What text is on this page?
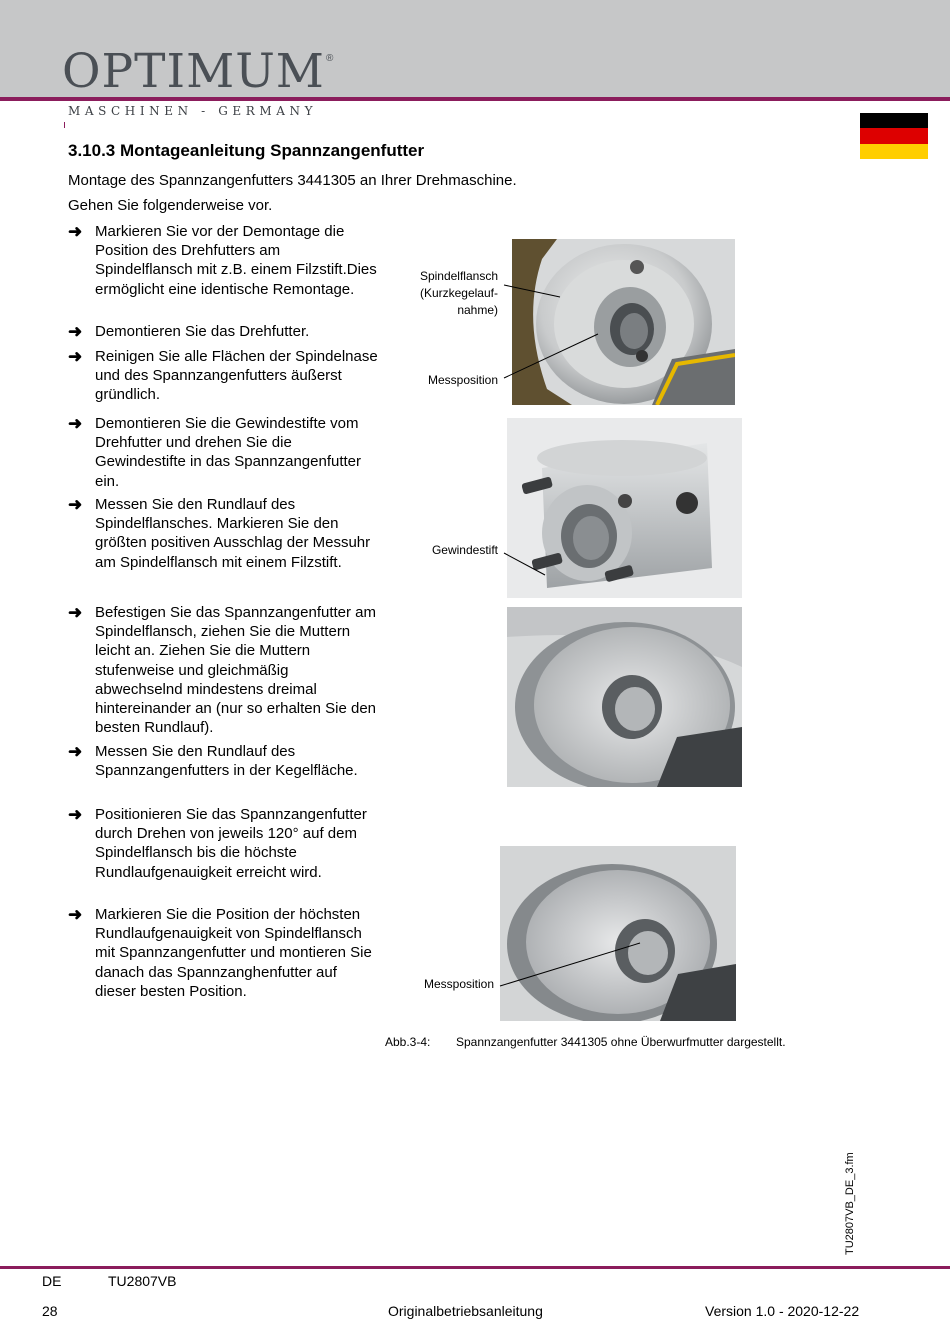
OPTIMUM®
MASCHINEN - GERMANY
3.10.3 Montageanleitung Spannzangenfutter
Montage des Spannzangenfutters 3441305 an Ihrer Drehmaschine.
Gehen Sie folgenderweise vor.
➜ Markieren Sie vor der Demontage die Position des Drehfutters am Spindelflansch mit z.B. einem Filzstift.Dies ermöglicht eine identische Remontage.
➜ Demontieren Sie das Drehfutter.
➜ Reinigen Sie alle Flächen der Spindelnase und des Spannzangenfutters äußerst gründlich.
➜ Demontieren Sie die Gewindestifte vom Drehfutter und drehen Sie die Gewindestifte in das Spannzangenfutter ein.
➜ Messen Sie den Rundlauf des Spindelflansches. Markieren Sie den größten positiven Ausschlag der Messuhr am Spindelflansch mit einem Filzstift.
➜ Befestigen Sie das Spannzangenfutter am Spindelflansch, ziehen Sie die Muttern leicht an. Ziehen Sie die Muttern stufenweise und gleichmäßig abwechselnd mindestens dreimal hintereinander an (nur so erhalten Sie den besten Rundlauf).
➜ Messen Sie den Rundlauf des Spannzangenfutters in der Kegelfläche.
➜ Positionieren Sie das Spannzangenfutter durch Drehen von jeweils 120° auf dem Spindelflansch bis die höchste Rundlaufgenauigkeit erreicht wird.
➜ Markieren Sie die Position der höchsten Rundlaufgenauigkeit von Spindelflansch mit Spannzangenfutter und montieren Sie danach das Spannzanghenfutter auf dieser besten Position.
Spindelflansch
(Kurzkegelauf-
nahme)
Messposition
Gewindestift
Messposition
Abb.3-4: Spannzangenfutter 3441305 ohne Überwurfmutter dargestellt.
TU2807VB_DE_3.fm
DE	TU2807VB
28	Originalbetriebsanleitung	Version 1.0 - 2020-12-22
